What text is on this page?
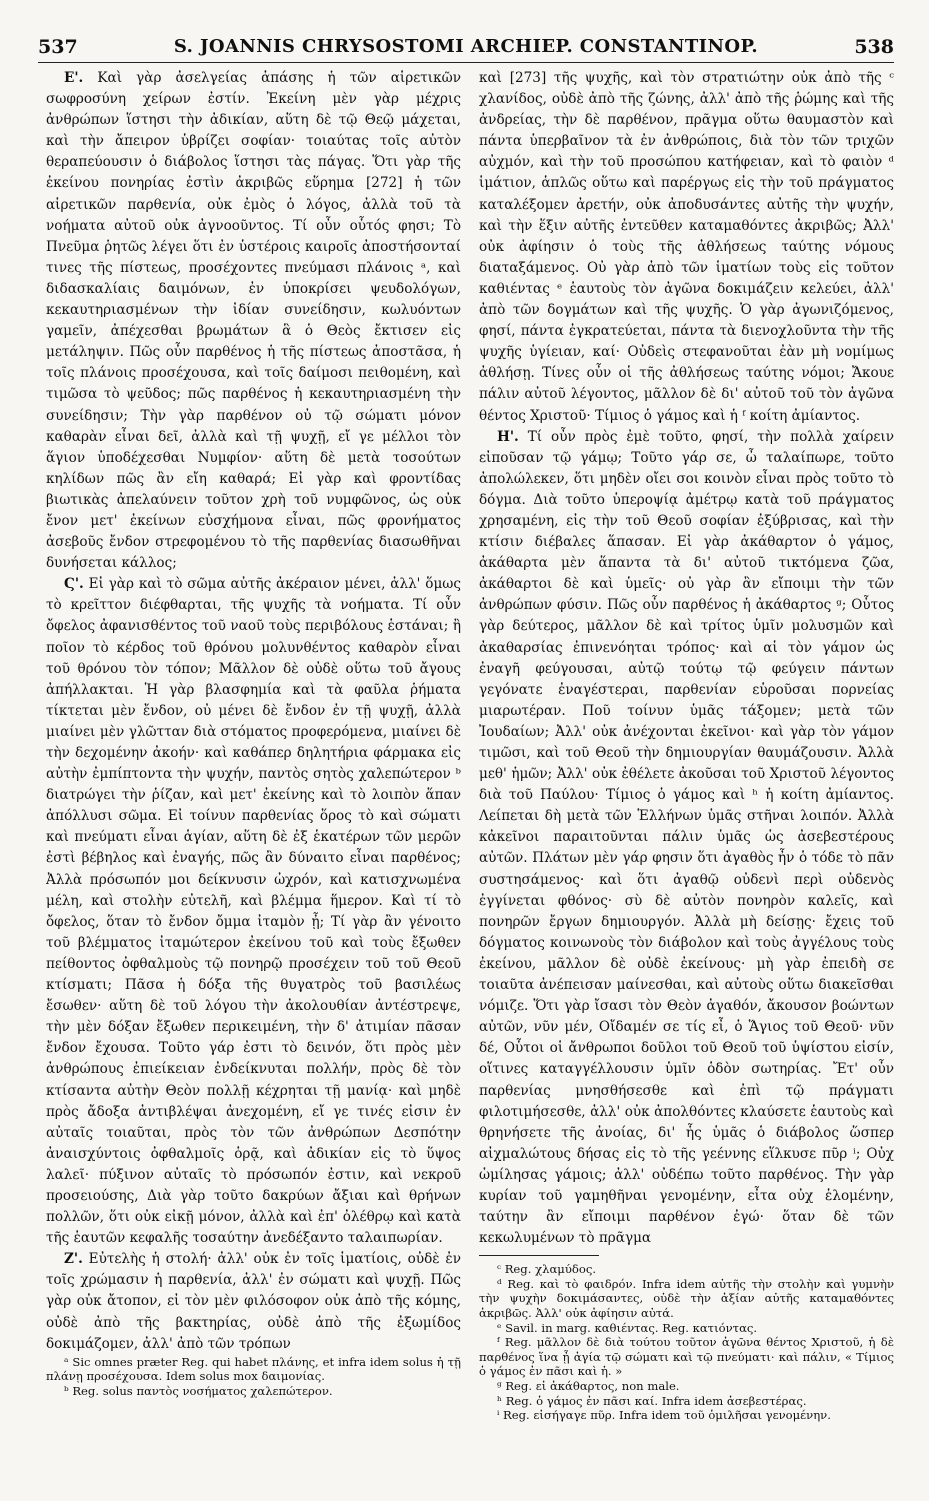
537	S. JOANNIS CHRYSOSTOMI ARCHIEP. CONSTANTINOP.	538

Ε'. Καὶ γὰρ ἀσελγείας ἁπάσης ἡ τῶν αἱρετικῶν σωφροσύνη χείρων ἐστίν. Ἐκείνη μὲν γὰρ μέχρις ἀνθρώπων ἵστησι τὴν ἀδικίαν, αὕτη δὲ τῷ Θεῷ μάχεται, καὶ τὴν ἄπειρον ὑβρίζει σοφίαν· τοιαύτας τοῖς αὐτὸν θεραπεύουσιν ὁ διάβολος ἵστησι τὰς πάγας. Ὅτι γὰρ τῆς ἐκείνου πονηρίας ἐστὶν ἀκριβῶς εὕρημα [272] ἡ τῶν αἱρετικῶν παρθενία, οὐκ ἐμὸς ὁ λόγος, ἀλλὰ τοῦ τὰ νοήματα αὐτοῦ οὐκ ἀγνοοῦντος. Τί οὖν οὗτός φησι; Τὸ Πνεῦμα ῥητῶς λέγει ὅτι ἐν ὑστέροις καιροῖς ἀποστήσονταί τινες τῆς πίστεως, προσέχοντες πνεύμασι πλάνοις ᵃ, καὶ διδασκαλίαις δαιμόνων, ἐν ὑποκρίσει ψευδολόγων, κεκαυτηριασμένων τὴν ἰδίαν συνείδησιν, κωλυόντων γαμεῖν, ἀπέχεσθαι βρωμάτων ἃ ὁ Θεὸς ἔκτισεν εἰς μετάληψιν. Πῶς οὖν παρθένος ἡ τῆς πίστεως ἀποστᾶσα, ἡ τοῖς πλάνοις προσέχουσα, καὶ τοῖς δαίμοσι πειθομένη, καὶ τιμῶσα τὸ ψεῦδος; πῶς παρθένος ἡ κεκαυτηριασμένη τὴν συνείδησιν; Τὴν γὰρ παρθένον οὐ τῷ σώματι μόνον καθαρὰν εἶναι δεῖ, ἀλλὰ καὶ τῇ ψυχῇ, εἴ γε μέλλοι τὸν ἅγιον ὑποδέχεσθαι Νυμφίον· αὕτη δὲ μετὰ τοσούτων κηλίδων πῶς ἂν εἴη καθαρά; Εἰ γὰρ καὶ φροντίδας βιωτικὰς ἀπελαύνειν τοῦτον χρὴ τοῦ νυμφῶνος, ὡς οὐκ ἔνον μετ' ἐκείνων εὐσχήμονα εἶναι, πῶς φρονήματος ἀσεβοῦς ἔνδον στρεφομένου τὸ τῆς παρθενίας διασωθῆναι δυνήσεται κάλλος;

Ϛ'. Εἰ γὰρ καὶ τὸ σῶμα αὐτῆς ἀκέραιον μένει, ἀλλ' ὅμως τὸ κρεῖττον διέφθαρται, τῆς ψυχῆς τὰ νοήματα. Τί οὖν ὄφελος ἀφανισθέντος τοῦ ναοῦ τοὺς περιβόλους ἑστάναι; ἢ ποῖον τὸ κέρδος τοῦ θρόνου μολυνθέντος καθαρὸν εἶναι τοῦ θρόνου τὸν τόπον; Μᾶλλον δὲ οὐδὲ οὕτω τοῦ ἄγους ἀπήλλακται. Ἡ γὰρ βλασφημία καὶ τὰ φαῦλα ῥήματα τίκτεται μὲν ἔνδον, οὐ μένει δὲ ἔνδον ἐν τῇ ψυχῇ, ἀλλὰ μιαίνει μὲν γλῶτταν διὰ στόματος προφερόμενα, μιαίνει δὲ τὴν δεχομένην ἀκοήν· καὶ καθάπερ δηλητήρια φάρμακα εἰς αὐτὴν ἐμπίπτοντα τὴν ψυχήν, παντὸς σητὸς χαλεπώτερον ᵇ διατρώγει τὴν ῥίζαν, καὶ μετ' ἐκείνης καὶ τὸ λοιπὸν ἅπαν ἀπόλλυσι σῶμα. Εἰ τοίνυν παρθενίας ὅρος τὸ καὶ σώματι καὶ πνεύματι εἶναι ἁγίαν, αὕτη δὲ ἐξ ἑκατέρων τῶν μερῶν ἐστὶ βέβηλος καὶ ἐναγής, πῶς ἂν δύναιτο εἶναι παρθένος; Ἀλλὰ πρόσωπόν μοι δείκνυσιν ὠχρόν, καὶ κατισχνωμένα μέλη, καὶ στολὴν εὐτελῆ, καὶ βλέμμα ἥμερον. Καὶ τί τὸ ὄφελος, ὅταν τὸ ἔνδον ὄμμα ἰταμὸν ᾖ; Τί γὰρ ἂν γένοιτο τοῦ βλέμματος ἰταμώτερον ἐκείνου τοῦ καὶ τοὺς ἔξωθεν πείθοντος ὀφθαλμοὺς τῷ πονηρῷ προσέχειν τοῦ τοῦ Θεοῦ κτίσματι; Πᾶσα ἡ δόξα τῆς θυγατρὸς τοῦ βασιλέως ἔσωθεν· αὕτη δὲ τοῦ λόγου τὴν ἀκολουθίαν ἀντέστρεψε, τὴν μὲν δόξαν ἔξωθεν περικειμένη, τὴν δ' ἀτιμίαν πᾶσαν ἔνδον ἔχουσα. Τοῦτο γάρ ἐστι τὸ δεινόν, ὅτι πρὸς μὲν ἀνθρώπους ἐπιείκειαν ἐνδείκνυται πολλήν, πρὸς δὲ τὸν κτίσαντα αὐτὴν Θεὸν πολλῇ κέχρηται τῇ μανίᾳ· καὶ μηδὲ πρὸς ἄδοξα ἀντιβλέψαι ἀνεχομένη, εἴ γε τινές εἰσιν ἐν αὐταῖς τοιαῦται, πρὸς τὸν τῶν ἀνθρώπων Δεσπότην ἀναισχύντοις ὀφθαλμοῖς ὁρᾷ, καὶ ἀδικίαν εἰς τὸ ὕψος λαλεῖ· πύξινον αὐταῖς τὸ πρόσωπόν ἐστιν, καὶ νεκροῦ προσειούσης, Διὰ γὰρ τοῦτο δακρύων ἄξιαι καὶ θρήνων πολλῶν, ὅτι οὐκ εἰκῇ μόνον, ἀλλὰ καὶ ἐπ' ὀλέθρῳ καὶ κατὰ τῆς ἑαυτῶν κεφαλῆς τοσαύτην ἀνεδέξαντο ταλαιπωρίαν.

Ζ'. Εὐτελὴς ἡ στολή· ἀλλ' οὐκ ἐν τοῖς ἱματίοις, οὐδὲ ἐν τοῖς χρώμασιν ἡ παρθενία, ἀλλ' ἐν σώματι καὶ ψυχῇ. Πῶς γὰρ οὐκ ἄτοπον, εἰ τὸν μὲν φιλόσοφον οὐκ ἀπὸ τῆς κόμης, οὐδὲ ἀπὸ τῆς βακτηρίας, οὐδὲ ἀπὸ τῆς ἐξωμίδος δοκιμάζομεν, ἀλλ' ἀπὸ τῶν τρόπων

ᵃ Sic omnes præter Reg. qui habet πλάνης, et infra idem solus ἡ τῇ πλάνῃ προσέχουσα. Idem solus mox δαιμονίας.

ᵇ Reg. solus παντὸς νοσήματος χαλεπώτερον.

καὶ [273] τῆς ψυχῆς, καὶ τὸν στρατιώτην οὐκ ἀπὸ τῆς ᶜ χλανίδος, οὐδὲ ἀπὸ τῆς ζώνης, ἀλλ' ἀπὸ τῆς ῥώμης καὶ τῆς ἀνδρείας, τὴν δὲ παρθένον, πρᾶγμα οὕτω θαυμαστὸν καὶ πάντα ὑπερβαῖνον τὰ ἐν ἀνθρώποις, διὰ τὸν τῶν τριχῶν αὐχμόν, καὶ τὴν τοῦ προσώπου κατήφειαν, καὶ τὸ φαιὸν ᵈ ἱμάτιον, ἁπλῶς οὕτω καὶ παρέργως εἰς τὴν τοῦ πράγματος καταλέξομεν ἀρετήν, οὐκ ἀποδυσάντες αὐτῆς τὴν ψυχήν, καὶ τὴν ἕξιν αὐτῆς ἐντεῦθεν καταμαθόντες ἀκριβῶς; Ἀλλ' οὐκ ἀφίησιν ὁ τοὺς τῆς ἀθλήσεως ταύτης νόμους διαταξάμενος. Οὐ γὰρ ἀπὸ τῶν ἱματίων τοὺς εἰς τοῦτον καθιέντας ᵉ ἑαυτοὺς τὸν ἀγῶνα δοκιμάζειν κελεύει, ἀλλ' ἀπὸ τῶν δογμάτων καὶ τῆς ψυχῆς. Ὁ γὰρ ἀγωνιζόμενος, φησί, πάντα ἐγκρατεύεται, πάντα τὰ διενοχλοῦντα τὴν τῆς ψυχῆς ὑγίειαν, καί· Οὐδεὶς στεφανοῦται ἐὰν μὴ νομίμως ἀθλήσῃ. Τίνες οὖν οἱ τῆς ἀθλήσεως ταύτης νόμοι; Ἄκουε πάλιν αὐτοῦ λέγοντος, μᾶλλον δὲ δι' αὐτοῦ τοῦ τὸν ἀγῶνα θέντος Χριστοῦ· Τίμιος ὁ γάμος καὶ ἡ ᶠ κοίτη ἀμίαντος.

Η'. Τί οὖν πρὸς ἐμὲ τοῦτο, φησί, τὴν πολλὰ χαίρειν εἰποῦσαν τῷ γάμῳ; Τοῦτο γάρ σε, ὦ ταλαίπωρε, τοῦτο ἀπολώλεκεν, ὅτι μηδὲν οἴει σοι κοινὸν εἶναι πρὸς τοῦτο τὸ δόγμα. Διὰ τοῦτο ὑπεροψίᾳ ἀμέτρῳ κατὰ τοῦ πράγματος χρησαμένη, εἰς τὴν τοῦ Θεοῦ σοφίαν ἐξύβρισας, καὶ τὴν κτίσιν διέβαλες ἅπασαν. Εἰ γὰρ ἀκάθαρτον ὁ γάμος, ἀκάθαρτα μὲν ἅπαντα τὰ δι' αὐτοῦ τικτόμενα ζῶα, ἀκάθαρτοι δὲ καὶ ὑμεῖς· οὐ γὰρ ἂν εἴποιμι τὴν τῶν ἀνθρώπων φύσιν. Πῶς οὖν παρθένος ἡ ἀκάθαρτος ᵍ; Οὗτος γὰρ δεύτερος, μᾶλλον δὲ καὶ τρίτος ὑμῖν μολυσμῶν καὶ ἀκαθαρσίας ἐπινενόηται τρόπος· καὶ αἱ τὸν γάμον ὡς ἐναγῆ φεύγουσαι, αὐτῷ τούτῳ τῷ φεύγειν πάντων γεγόνατε ἐναγέστεραι, παρθενίαν εὑροῦσαι πορνείας μιαρωτέραν. Ποῦ τοίνυν ὑμᾶς τάξομεν; μετὰ τῶν Ἰουδαίων; Ἀλλ' οὐκ ἀνέχονται ἐκεῖνοι· καὶ γὰρ τὸν γάμον τιμῶσι, καὶ τοῦ Θεοῦ τὴν δημιουργίαν θαυμάζουσιν. Ἀλλὰ μεθ' ἡμῶν; Ἀλλ' οὐκ ἐθέλετε ἀκοῦσαι τοῦ Χριστοῦ λέγοντος διὰ τοῦ Παύλου· Τίμιος ὁ γάμος καὶ ʰ ἡ κοίτη ἀμίαντος. Λείπεται δὴ μετὰ τῶν Ἑλλήνων ὑμᾶς στῆναι λοιπόν. Ἀλλὰ κἀκεῖνοι παραιτοῦνται πάλιν ὑμᾶς ὡς ἀσεβεστέρους αὐτῶν. Πλάτων μὲν γάρ φησιν ὅτι ἀγαθὸς ἦν ὁ τόδε τὸ πᾶν συστησάμενος· καὶ ὅτι ἀγαθῷ οὐδενὶ περὶ οὐδενὸς ἐγγίνεται φθόνος· σὺ δὲ αὐτὸν πονηρὸν καλεῖς, καὶ πονηρῶν ἔργων δημιουργόν. Ἀλλὰ μὴ δείσῃς· ἔχεις τοῦ δόγματος κοινωνοὺς τὸν διάβολον καὶ τοὺς ἀγγέλους τοὺς ἐκείνου, μᾶλλον δὲ οὐδὲ ἐκείνους· μὴ γὰρ ἐπειδὴ σε τοιαῦτα ἀνέπεισαν μαίνεσθαι, καὶ αὐτοὺς οὕτω διακεῖσθαι νόμιζε. Ὅτι γὰρ ἴσασι τὸν Θεὸν ἀγαθόν, ἄκουσον βοώντων αὐτῶν, νῦν μέν, Οἴδαμέν σε τίς εἶ, ὁ Ἅγιος τοῦ Θεοῦ· νῦν δέ, Οὗτοι οἱ ἄνθρωποι δοῦλοι τοῦ Θεοῦ τοῦ ὑψίστου εἰσίν, οἵτινες καταγγέλλουσιν ὑμῖν ὁδὸν σωτηρίας. Ἔτ' οὖν παρθενίας μνησθήσεσθε καὶ ἐπὶ τῷ πράγματι φιλοτιμήσεσθε, ἀλλ' οὐκ ἀπολθόντες κλαύσετε ἑαυτοὺς καὶ θρηνήσετε τῆς ἀνοίας, δι' ἧς ὑμᾶς ὁ διάβολος ὥσπερ αἰχμαλώτους δήσας εἰς τὸ τῆς γεέννης εἵλκυσε πῦρ ⁱ; Οὐχ ὡμίλησας γάμοις; ἀλλ' οὐδέπω τοῦτο παρθένος. Τὴν γὰρ κυρίαν τοῦ γαμηθῆναι γενομένην, εἶτα οὐχ ἑλομένην, ταύτην ἂν εἴποιμι παρθένον ἐγώ· ὅταν δὲ τῶν κεκωλυμένων τὸ πρᾶγμα

ᶜ Reg. χλαμύδος.

ᵈ Reg. καὶ τὸ φαιδρόν. Infra idem αὐτῆς τὴν στολὴν καὶ γυμνὴν τὴν ψυχὴν δοκιμάσαντες, οὐδὲ τὴν ἀξίαν αὐτῆς καταμαθόντες ἀκριβῶς. Ἀλλ' οὐκ ἀφίησιν αὐτά.

ᵉ Savil. in marg. καθιέντας. Reg. κατιόντας.

ᶠ Reg. μᾶλλον δὲ διὰ τούτου τοῦτον ἀγῶνα θέντος Χριστοῦ, ἡ δὲ παρθένος ἵνα ᾖ ἁγία τῷ σώματι καὶ τῷ πνεύματι· καὶ πάλιν, « Τίμιος ὁ γάμος ἐν πᾶσι καὶ ἡ. »

ᵍ Reg. εἰ ἀκάθαρτος, non male.

ʰ Reg. ὁ γάμος ἐν πᾶσι καί. Infra idem ἀσεβεστέρας.

ⁱ Reg. εἰσήγαγε πῦρ. Infra idem τοῦ ὁμιλῆσαι γενομένην.
